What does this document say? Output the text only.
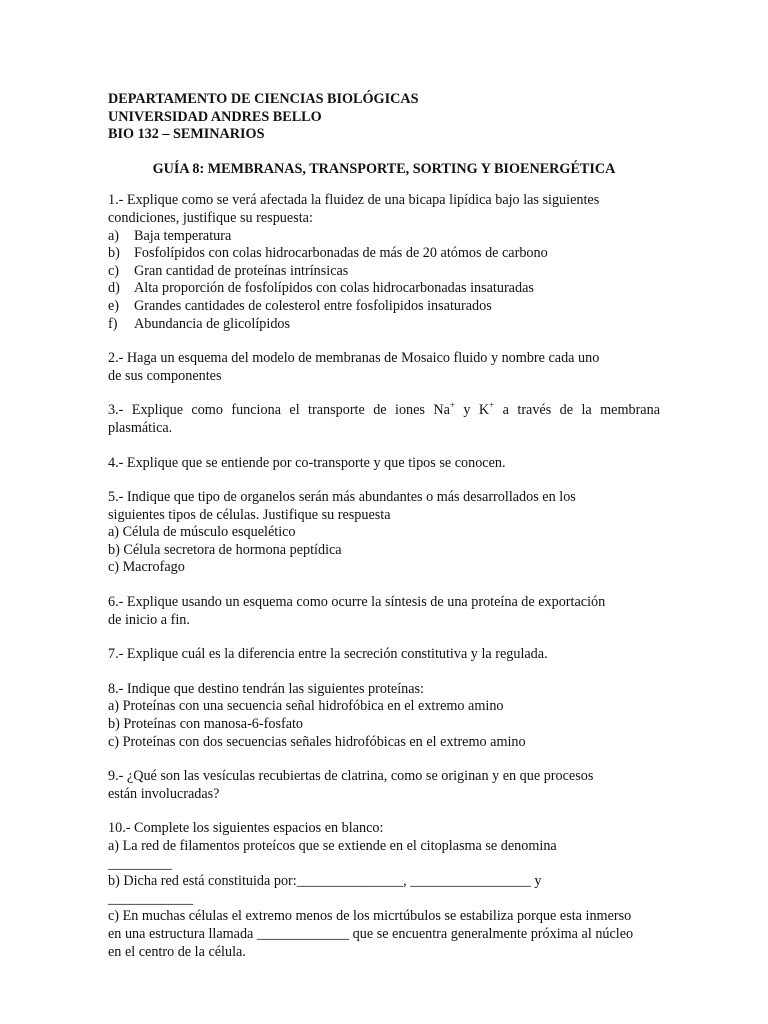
DEPARTAMENTO DE CIENCIAS BIOLÓGICAS
UNIVERSIDAD ANDRES BELLO
BIO 132 – SEMINARIOS
GUÍA 8: MEMBRANAS, TRANSPORTE, SORTING Y BIOENERGÉTICA
1.- Explique como se verá afectada la fluidez de una bicapa lipídica bajo las siguientes
condiciones, justifique su respuesta:
a)	Baja temperatura
b) Fosfolípidos con colas hidrocarbonadas de más de 20 atómos de carbono
c)	Gran cantidad de proteínas intrínsicas
d) Alta proporción de fosfolípidos con colas hidrocarbonadas insaturadas
e)	Grandes cantidades de colesterol entre fosfolipidos insaturados
f)	Abundancia de glicolípidos
2.- Haga un esquema del modelo de membranas de Mosaico fluido y nombre cada uno
de sus componentes
3.- Explique como funciona el transporte de iones Na+ y K+ a través de la membrana
plasmática.
4.- Explique que se entiende por co-transporte y que tipos se conocen.
5.- Indique que tipo de organelos serán más abundantes o más desarrollados en los
siguientes tipos de células. Justifique su respuesta
a) Célula de músculo esquelético
b) Célula secretora de hormona peptídica
c) Macrofago
6.- Explique usando un esquema como ocurre la síntesis de una proteína de exportación
de inicio a fin.
7.- Explique cuál es la diferencia entre la secreción constitutiva y la regulada.
8.- Indique que destino tendrán las siguientes proteínas:
a) Proteínas con una secuencia señal hidrofóbica en el extremo amino
b) Proteínas con manosa-6-fosfato
c) Proteínas con dos secuencias señales hidrofóbicas en el extremo amino
9.- ¿Qué son las vesículas recubiertas de clatrina, como se originan y en que procesos
están involucradas?
10.- Complete los siguientes espacios en blanco:
a) La red de filamentos proteícos que se extiende en el citoplasma se denomina
_________
b) Dicha red está constituida por:_______________, _________________ y
____________
c) En muchas células el extremo menos de los micrtúbulos se estabiliza porque esta inmerso
en una estructura llamada _____________ que se encuentra generalmente próxima al núcleo
en el centro de la célula.
